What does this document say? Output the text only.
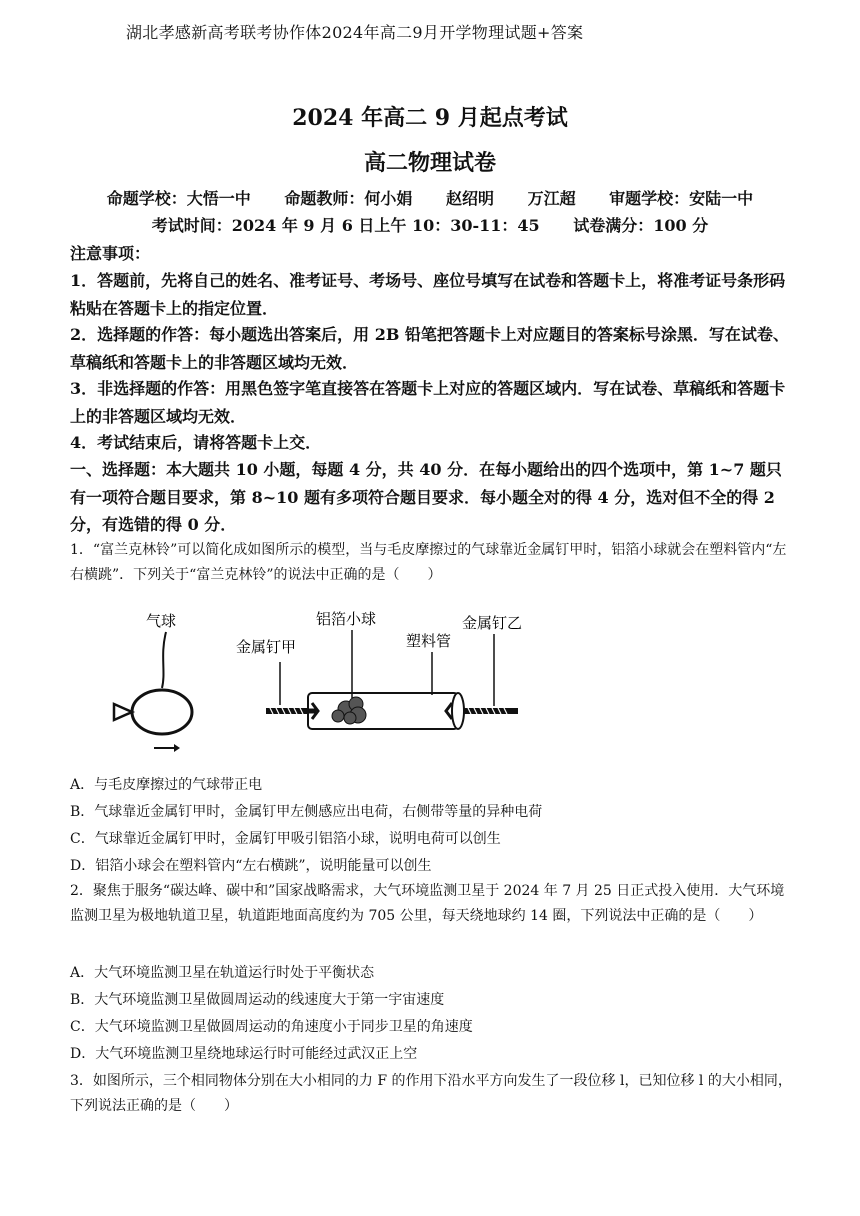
湖北孝感新高考联考协作体2024年高二9月开学物理试题+答案
2024 年高二 9 月起点考试
高二物理试卷
命题学校：大悟一中 命题教师：何小娟 赵绍明 万江超 审题学校：安陆一中
考试时间：2024 年 9 月 6 日上午 10：30-11：45 试卷满分：100 分
注意事项：
1．答题前，先将自己的姓名、准考证号、考场号、座位号填写在试卷和答题卡上，将准考证号条形码粘贴在答题卡上的指定位置．
2．选择题的作答：每小题选出答案后，用 2B 铅笔把答题卡上对应题目的答案标号涂黑．写在试卷、草稿纸和答题卡上的非答题区域均无效．
3．非选择题的作答：用黑色签字笔直接答在答题卡上对应的答题区域内．写在试卷、草稿纸和答题卡上的非答题区域均无效．
4．考试结束后，请将答题卡上交．
一、选择题：本大题共 10 小题，每题 4 分，共 40 分．在每小题给出的四个选项中，第 1~7 题只有一项符合题目要求，第 8~10 题有多项符合题目要求．每小题全对的得 4 分，选对但不全的得 2 分，有选错的得 0 分．
1．“富兰克林铃”可以简化成如图所示的模型，当与毛皮摩擦过的气球靠近金属钉甲时，铝箔小球就会在塑料管内“左右横跳”．下列关于“富兰克林铃”的说法中正确的是（　　）
气球
金属钉甲
铝箔小球
塑料管
金属钉乙
A．与毛皮摩擦过的气球带正电
B．气球靠近金属钉甲时，金属钉甲左侧感应出电荷，右侧带等量的异种电荷
C．气球靠近金属钉甲时，金属钉甲吸引铝箔小球，说明电荷可以创生
D．铝箔小球会在塑料管内“左右横跳”，说明能量可以创生
2．聚焦于服务“碳达峰、碳中和”国家战略需求，大气环境监测卫星于 2024 年 7 月 25 日正式投入使用．大气环境监测卫星为极地轨道卫星，轨道距地面高度约为 705 公里，每天绕地球约 14 圈，下列说法中正确的是（　　）
A．大气环境监测卫星在轨道运行时处于平衡状态
B．大气环境监测卫星做圆周运动的线速度大于第一宇宙速度
C．大气环境监测卫星做圆周运动的角速度小于同步卫星的角速度
D．大气环境监测卫星绕地球运行时可能经过武汉正上空
3．如图所示，三个相同物体分别在大小相同的力 F 的作用下沿水平方向发生了一段位移 l，已知位移 l 的大小相同，下列说法正确的是（　　）
